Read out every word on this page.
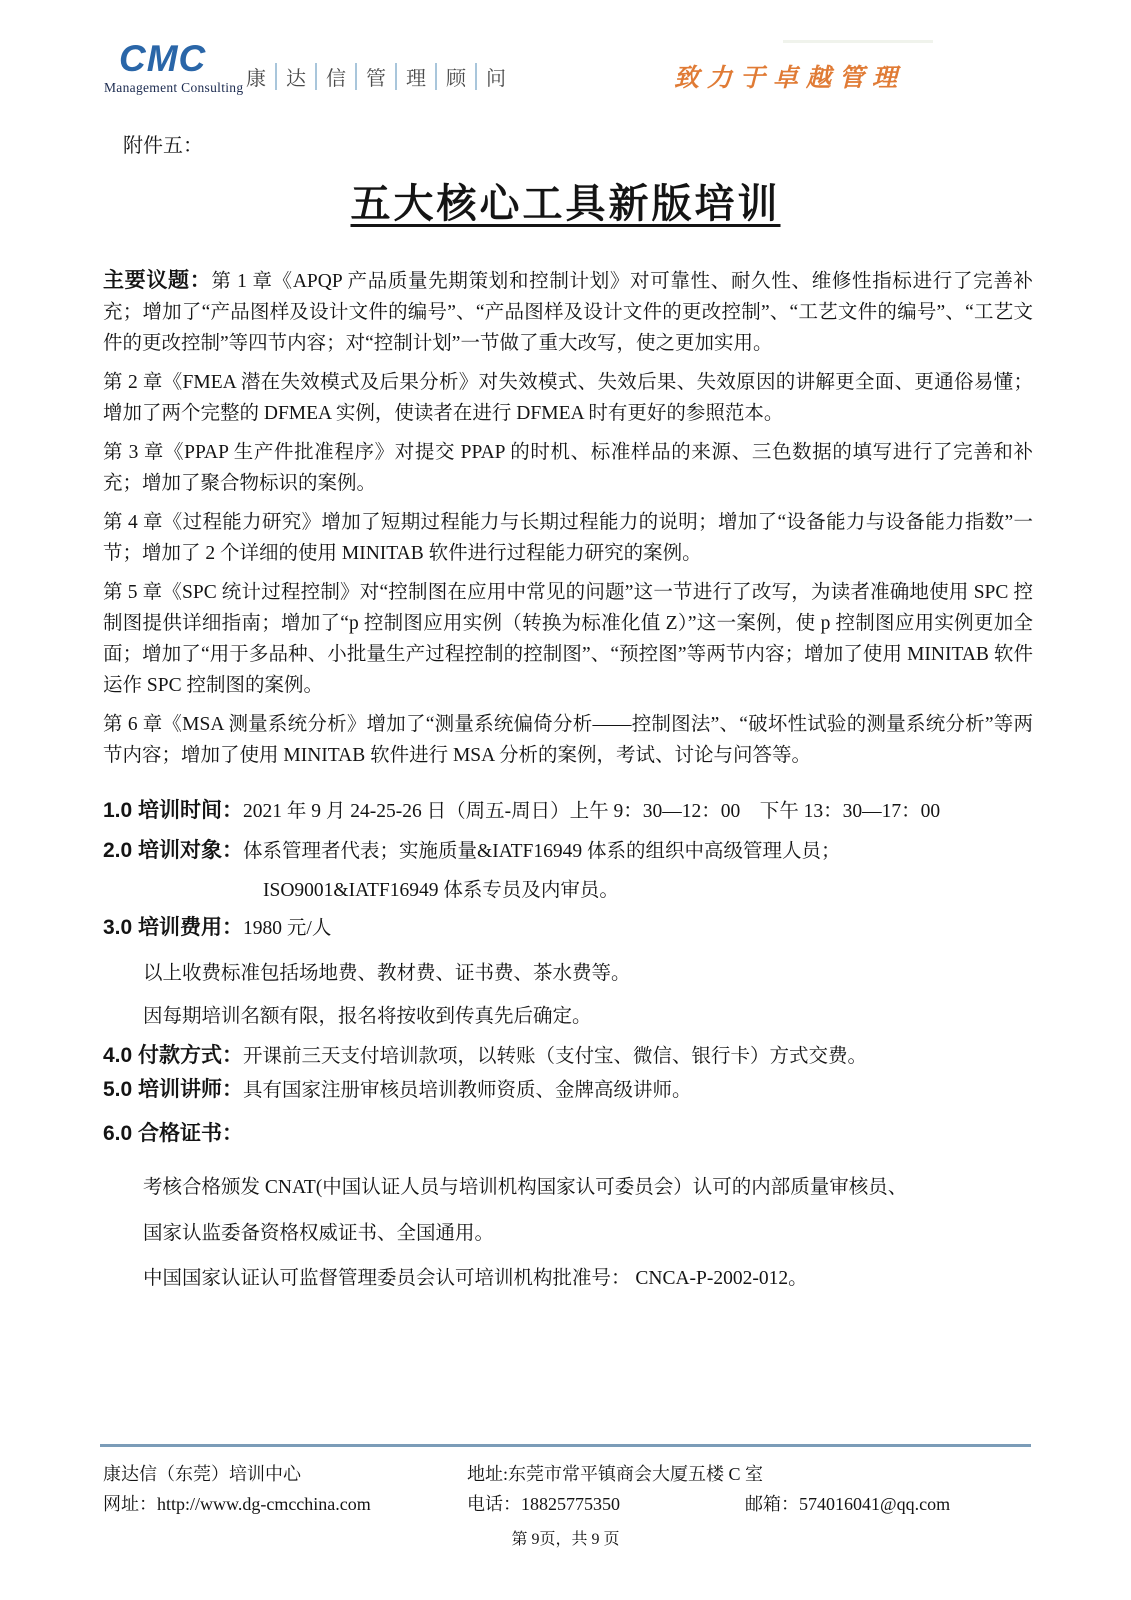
CMC
Management Consulting 康	达	信	管	理	顾	问	致力于卓越管理
附件五：
五大核心工具新版培训

主要议题：第 1 章《APQP 产品质量先期策划和控制计划》对可靠性、耐久性、维修性指标进行了完善补充；增加了“产品图样及设计文件的编号”、“产品图样及设计文件的更改控制”、“工艺文件的编号”、“工艺文件的更改控制”等四节内容；对“控制计划”一节做了重大改写，使之更加实用。

第 2 章《FMEA 潜在失效模式及后果分析》对失效模式、失效后果、失效原因的讲解更全面、更通俗易懂；增加了两个完整的 DFMEA 实例，使读者在进行 DFMEA 时有更好的参照范本。

第 3 章《PPAP 生产件批准程序》对提交 PPAP 的时机、标准样品的来源、三色数据的填写进行了完善和补充；增加了聚合物标识的案例。

第 4 章《过程能力研究》增加了短期过程能力与长期过程能力的说明；增加了“设备能力与设备能力指数”一节；增加了 2 个详细的使用 MINITAB 软件进行过程能力研究的案例。

第 5 章《SPC 统计过程控制》对“控制图在应用中常见的问题”这一节进行了改写，为读者准确地使用 SPC 控制图提供详细指南；增加了“p 控制图应用实例（转换为标准化值 Z）”这一案例，使 p 控制图应用实例更加全面；增加了“用于多品种、小批量生产过程控制的控制图”、“预控图”等两节内容；增加了使用 MINITAB 软件运作 SPC 控制图的案例。

第 6 章《MSA 测量系统分析》增加了“测量系统偏倚分析——控制图法”、“破坏性试验的测量系统分析”等两节内容；增加了使用 MINITAB 软件进行 MSA 分析的案例，考试、讨论与问答等。

1.0 培训时间：2021 年 9 月 24-25-26 日（周五-周日）上午 9：30—12：00　下午 13：30—17：00

2.0 培训对象：体系管理者代表；实施质量&IATF16949 体系的组织中高级管理人员；

ISO9001&IATF16949 体系专员及内审员。

3.0 培训费用：1980 元/人

以上收费标准包括场地费、教材费、证书费、茶水费等。

因每期培训名额有限，报名将按收到传真先后确定。

4.0 付款方式：开课前三天支付培训款项，以转账（支付宝、微信、银行卡）方式交费。

5.0 培训讲师：具有国家注册审核员培训教师资质、金牌高级讲师。

6.0 合格证书：

考核合格颁发 CNAT(中国认证人员与培训机构国家认可委员会）认可的内部质量审核员、

国家认监委备资格权威证书、全国通用。

中国国家认证认可监督管理委员会认可培训机构批准号： CNCA-P-2002-012。

康达信（东莞）培训中心	地址:东莞市常平镇商会大厦五楼 C 室
网址：http://www.dg-cmcchina.com	电话：18825775350	邮箱：574016041@qq.com
第 9页，共 9 页
